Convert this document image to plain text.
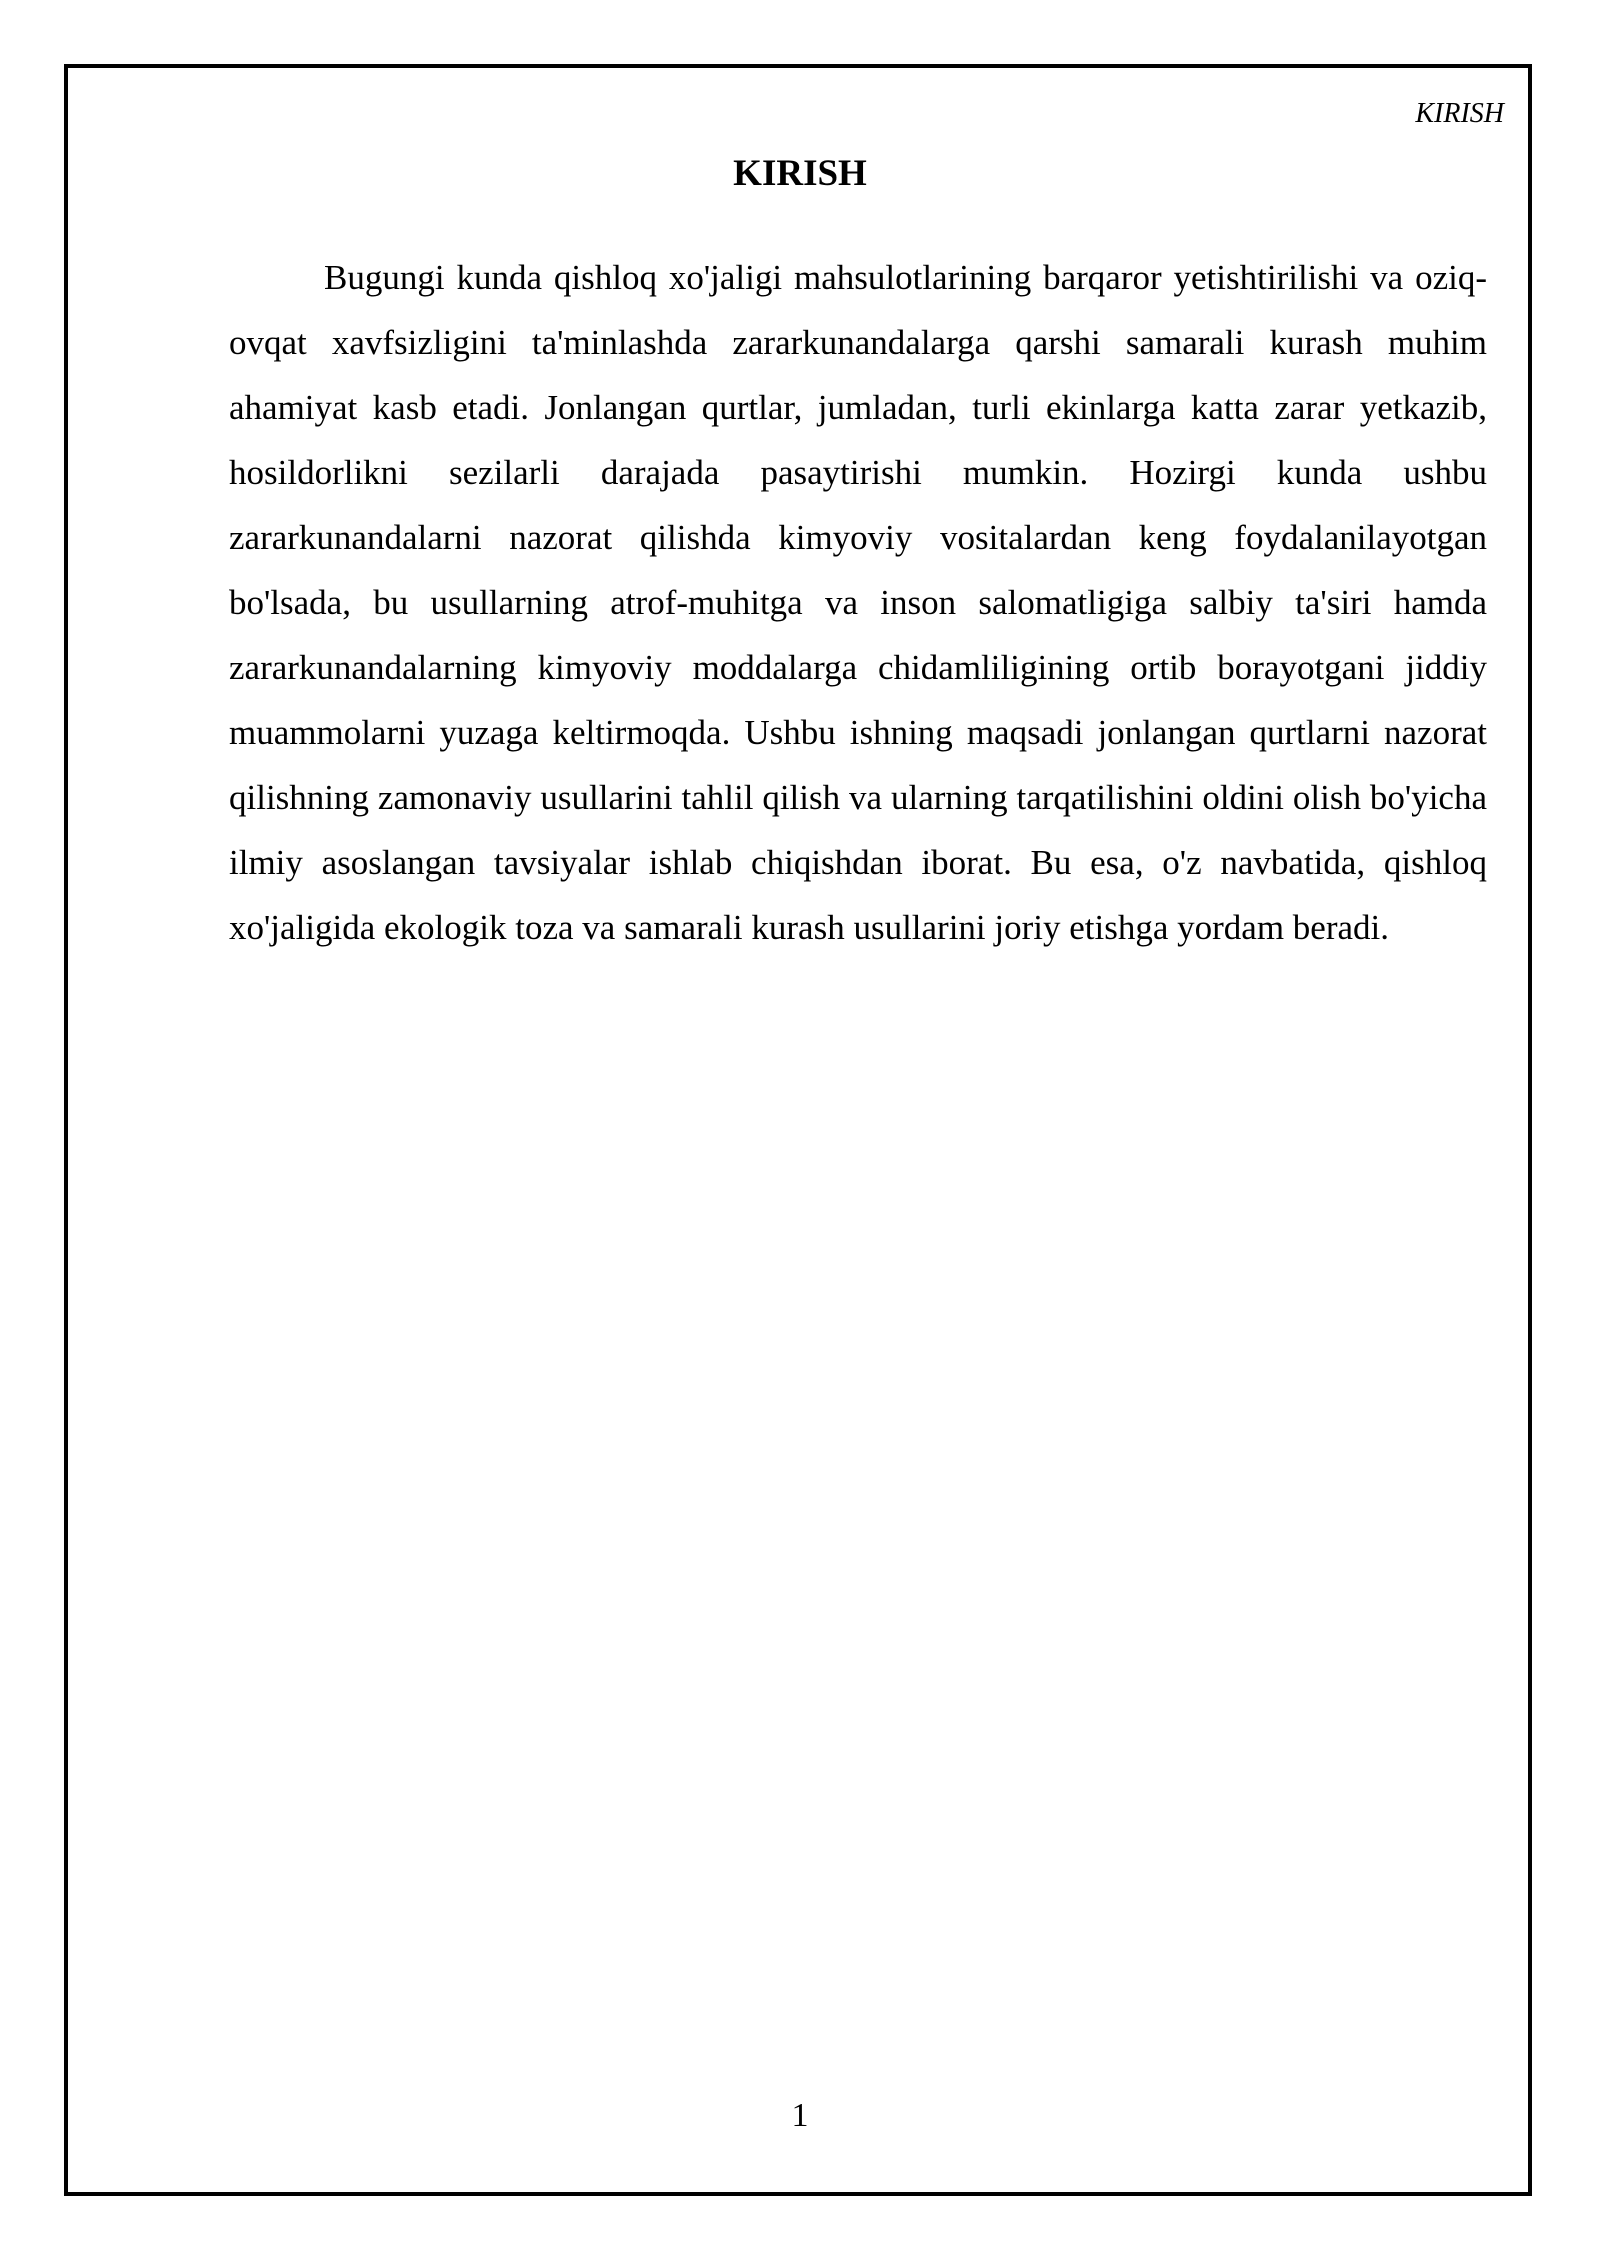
KIRISH
KIRISH

Bugungi kunda qishloq xo'jaligi mahsulotlarining barqaror yetishtirilishi va oziq-ovqat xavfsizligini ta'minlashda zararkunandalarga qarshi samarali kurash muhim ahamiyat kasb etadi. Jonlangan qurtlar, jumladan, turli ekinlarga katta zarar yetkazib, hosildorlikni sezilarli darajada pasaytirishi mumkin. Hozirgi kunda ushbu zararkunandalarni nazorat qilishda kimyoviy vositalardan keng foydalanilayotgan bo'lsada, bu usullarning atrof-muhitga va inson salomatligiga salbiy ta'siri hamda zararkunandalarning kimyoviy moddalarga chidamliligining ortib borayotgani jiddiy muammolarni yuzaga keltirmoqda. Ushbu ishning maqsadi jonlangan qurtlarni nazorat qilishning zamonaviy usullarini tahlil qilish va ularning tarqatilishini oldini olish bo'yicha ilmiy asoslangan tavsiyalar ishlab chiqishdan iborat. Bu esa, o'z navbatida, qishloq xo'jaligida ekologik toza va samarali kurash usullarini joriy etishga yordam beradi.

1
